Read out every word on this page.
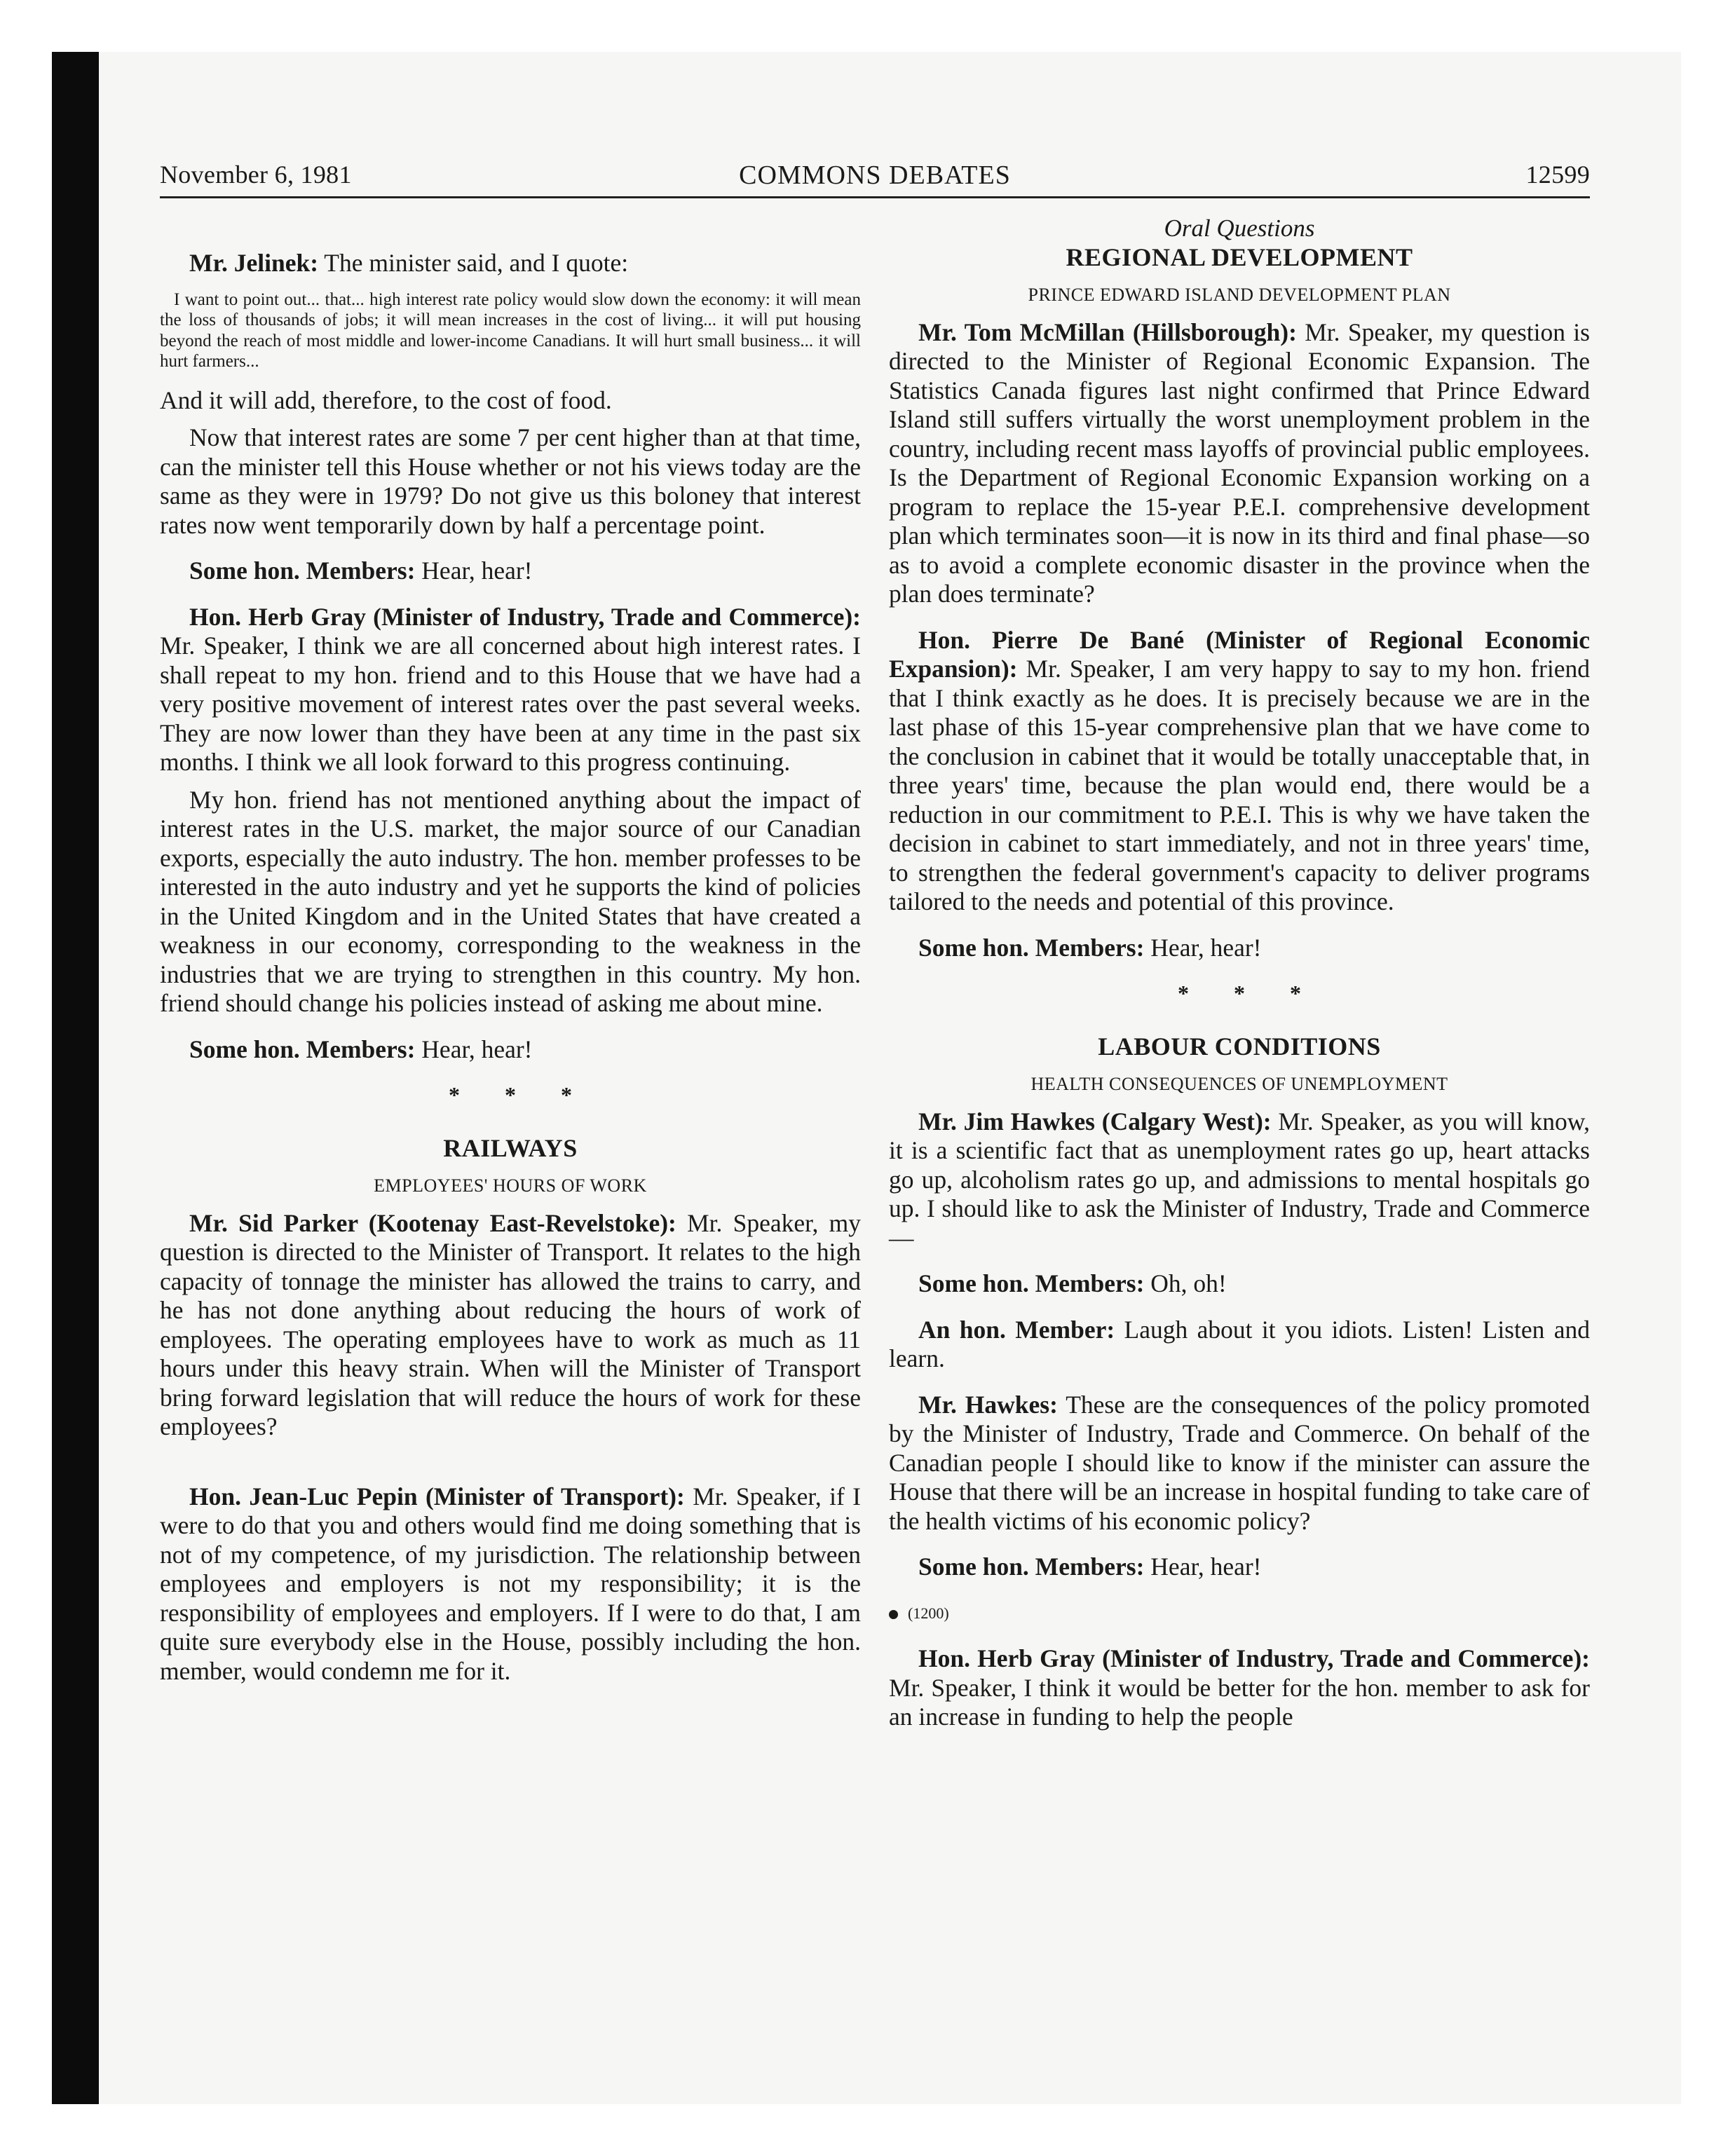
November 6, 1981	COMMONS DEBATES	12599

Mr. Jelinek: The minister said, and I quote:

I want to point out... that... high interest rate policy would slow down the economy: it will mean the loss of thousands of jobs; it will mean increases in the cost of living... it will put housing beyond the reach of most middle and lower-income Canadians. It will hurt small business... it will hurt farmers...

And it will add, therefore, to the cost of food.

Now that interest rates are some 7 per cent higher than at that time, can the minister tell this House whether or not his views today are the same as they were in 1979? Do not give us this boloney that interest rates now went temporarily down by half a percentage point.

Some hon. Members: Hear, hear!

Hon. Herb Gray (Minister of Industry, Trade and Commerce): Mr. Speaker, I think we are all concerned about high interest rates. I shall repeat to my hon. friend and to this House that we have had a very positive movement of interest rates over the past several weeks. They are now lower than they have been at any time in the past six months. I think we all look forward to this progress continuing.

My hon. friend has not mentioned anything about the impact of interest rates in the U.S. market, the major source of our Canadian exports, especially the auto industry. The hon. member professes to be interested in the auto industry and yet he supports the kind of policies in the United Kingdom and in the United States that have created a weakness in our economy, corresponding to the weakness in the industries that we are trying to strengthen in this country. My hon. friend should change his policies instead of asking me about mine.

Some hon. Members: Hear, hear!

* * *

RAILWAYS

EMPLOYEES' HOURS OF WORK

Mr. Sid Parker (Kootenay East-Revelstoke): Mr. Speaker, my question is directed to the Minister of Transport. It relates to the high capacity of tonnage the minister has allowed the trains to carry, and he has not done anything about reducing the hours of work of employees. The operating employees have to work as much as 11 hours under this heavy strain. When will the Minister of Transport bring forward legislation that will reduce the hours of work for these employees?

Hon. Jean-Luc Pepin (Minister of Transport): Mr. Speaker, if I were to do that you and others would find me doing something that is not of my competence, of my jurisdiction. The relationship between employees and employers is not my responsibility; it is the responsibility of employees and employers. If I were to do that, I am quite sure everybody else in the House, possibly including the hon. member, would condemn me for it.

Oral Questions

REGIONAL DEVELOPMENT

PRINCE EDWARD ISLAND DEVELOPMENT PLAN

Mr. Tom McMillan (Hillsborough): Mr. Speaker, my question is directed to the Minister of Regional Economic Expansion. The Statistics Canada figures last night confirmed that Prince Edward Island still suffers virtually the worst unemployment problem in the country, including recent mass layoffs of provincial public employees. Is the Department of Regional Economic Expansion working on a program to replace the 15-year P.E.I. comprehensive development plan which terminates soon—it is now in its third and final phase—so as to avoid a complete economic disaster in the province when the plan does terminate?

Hon. Pierre De Bané (Minister of Regional Economic Expansion): Mr. Speaker, I am very happy to say to my hon. friend that I think exactly as he does. It is precisely because we are in the last phase of this 15-year comprehensive plan that we have come to the conclusion in cabinet that it would be totally unacceptable that, in three years' time, because the plan would end, there would be a reduction in our commitment to P.E.I. This is why we have taken the decision in cabinet to start immediately, and not in three years' time, to strengthen the federal government's capacity to deliver programs tailored to the needs and potential of this province.

Some hon. Members: Hear, hear!

* * *

LABOUR CONDITIONS

HEALTH CONSEQUENCES OF UNEMPLOYMENT

Mr. Jim Hawkes (Calgary West): Mr. Speaker, as you will know, it is a scientific fact that as unemployment rates go up, heart attacks go up, alcoholism rates go up, and admissions to mental hospitals go up. I should like to ask the Minister of Industry, Trade and Commerce—

Some hon. Members: Oh, oh!

An hon. Member: Laugh about it you idiots. Listen! Listen and learn.

Mr. Hawkes: These are the consequences of the policy promoted by the Minister of Industry, Trade and Commerce. On behalf of the Canadian people I should like to know if the minister can assure the House that there will be an increase in hospital funding to take care of the health victims of his economic policy?

Some hon. Members: Hear, hear!

(1200)

Hon. Herb Gray (Minister of Industry, Trade and Commerce): Mr. Speaker, I think it would be better for the hon. member to ask for an increase in funding to help the people
